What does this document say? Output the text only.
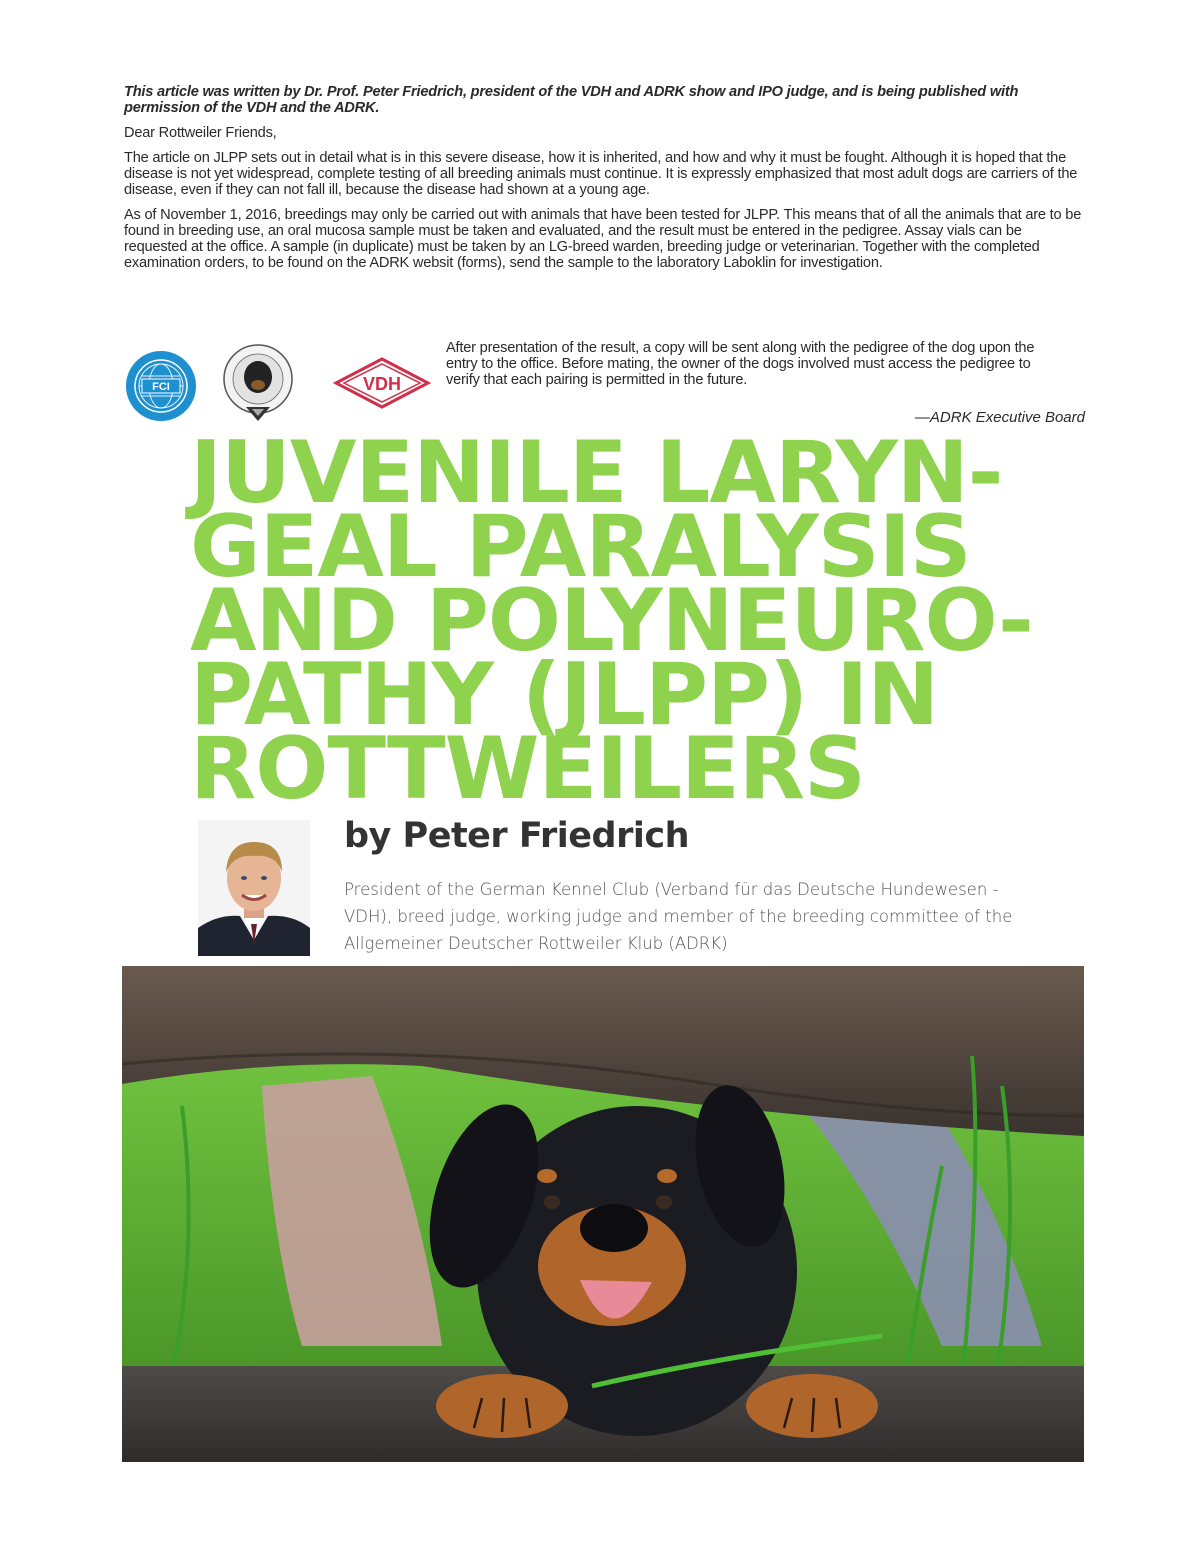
This article was written by Dr. Prof. Peter Friedrich, president of the VDH and ADRK show and IPO judge, and is being published with permission of the VDH and the ADRK.

Dear Rottweiler Friends,

The article on JLPP sets out in detail what is in this severe disease, how it is inherited, and how and why it must be fought. Although it is hoped that the disease is not yet widespread, complete testing of all breeding animals must continue. It is expressly emphasized that most adult dogs are carriers of the disease, even if they can not fall ill, because the disease had shown at a young age.

As of November 1, 2016, breedings may only be carried out with animals that have been tested for JLPP. This means that of all the animals that are to be found in breeding use, an oral mucosa sample must be taken and evaluated, and the result must be entered in the pedigree. Assay vials can be requested at the office. A sample (in duplicate) must be taken by an LG-breed warden, breeding judge or veterinarian. Together with the completed examination orders, to be found on the ADRK websit (forms), send the sample to the laboratory Laboklin for investigation.

FCI	VDH

After presentation of the result, a copy will be sent along with the pedigree of the dog upon the entry to the office. Before mating, the owner of the dogs involved must access the pedigree to verify that each pairing is permitted in the future.

—ADRK Executive Board
JUVENILE LARYN-
GEAL PARALYSIS
AND POLYNEURO-
PATHY (JLPP) IN
ROTTWEILERS
by Peter Friedrich

President of the German Kennel Club (Verband für das Deutsche Hundewesen - VDH), breed judge, working judge and member of the breeding committee of the Allgemeiner Deutscher Rottweiler Klub (ADRK)
